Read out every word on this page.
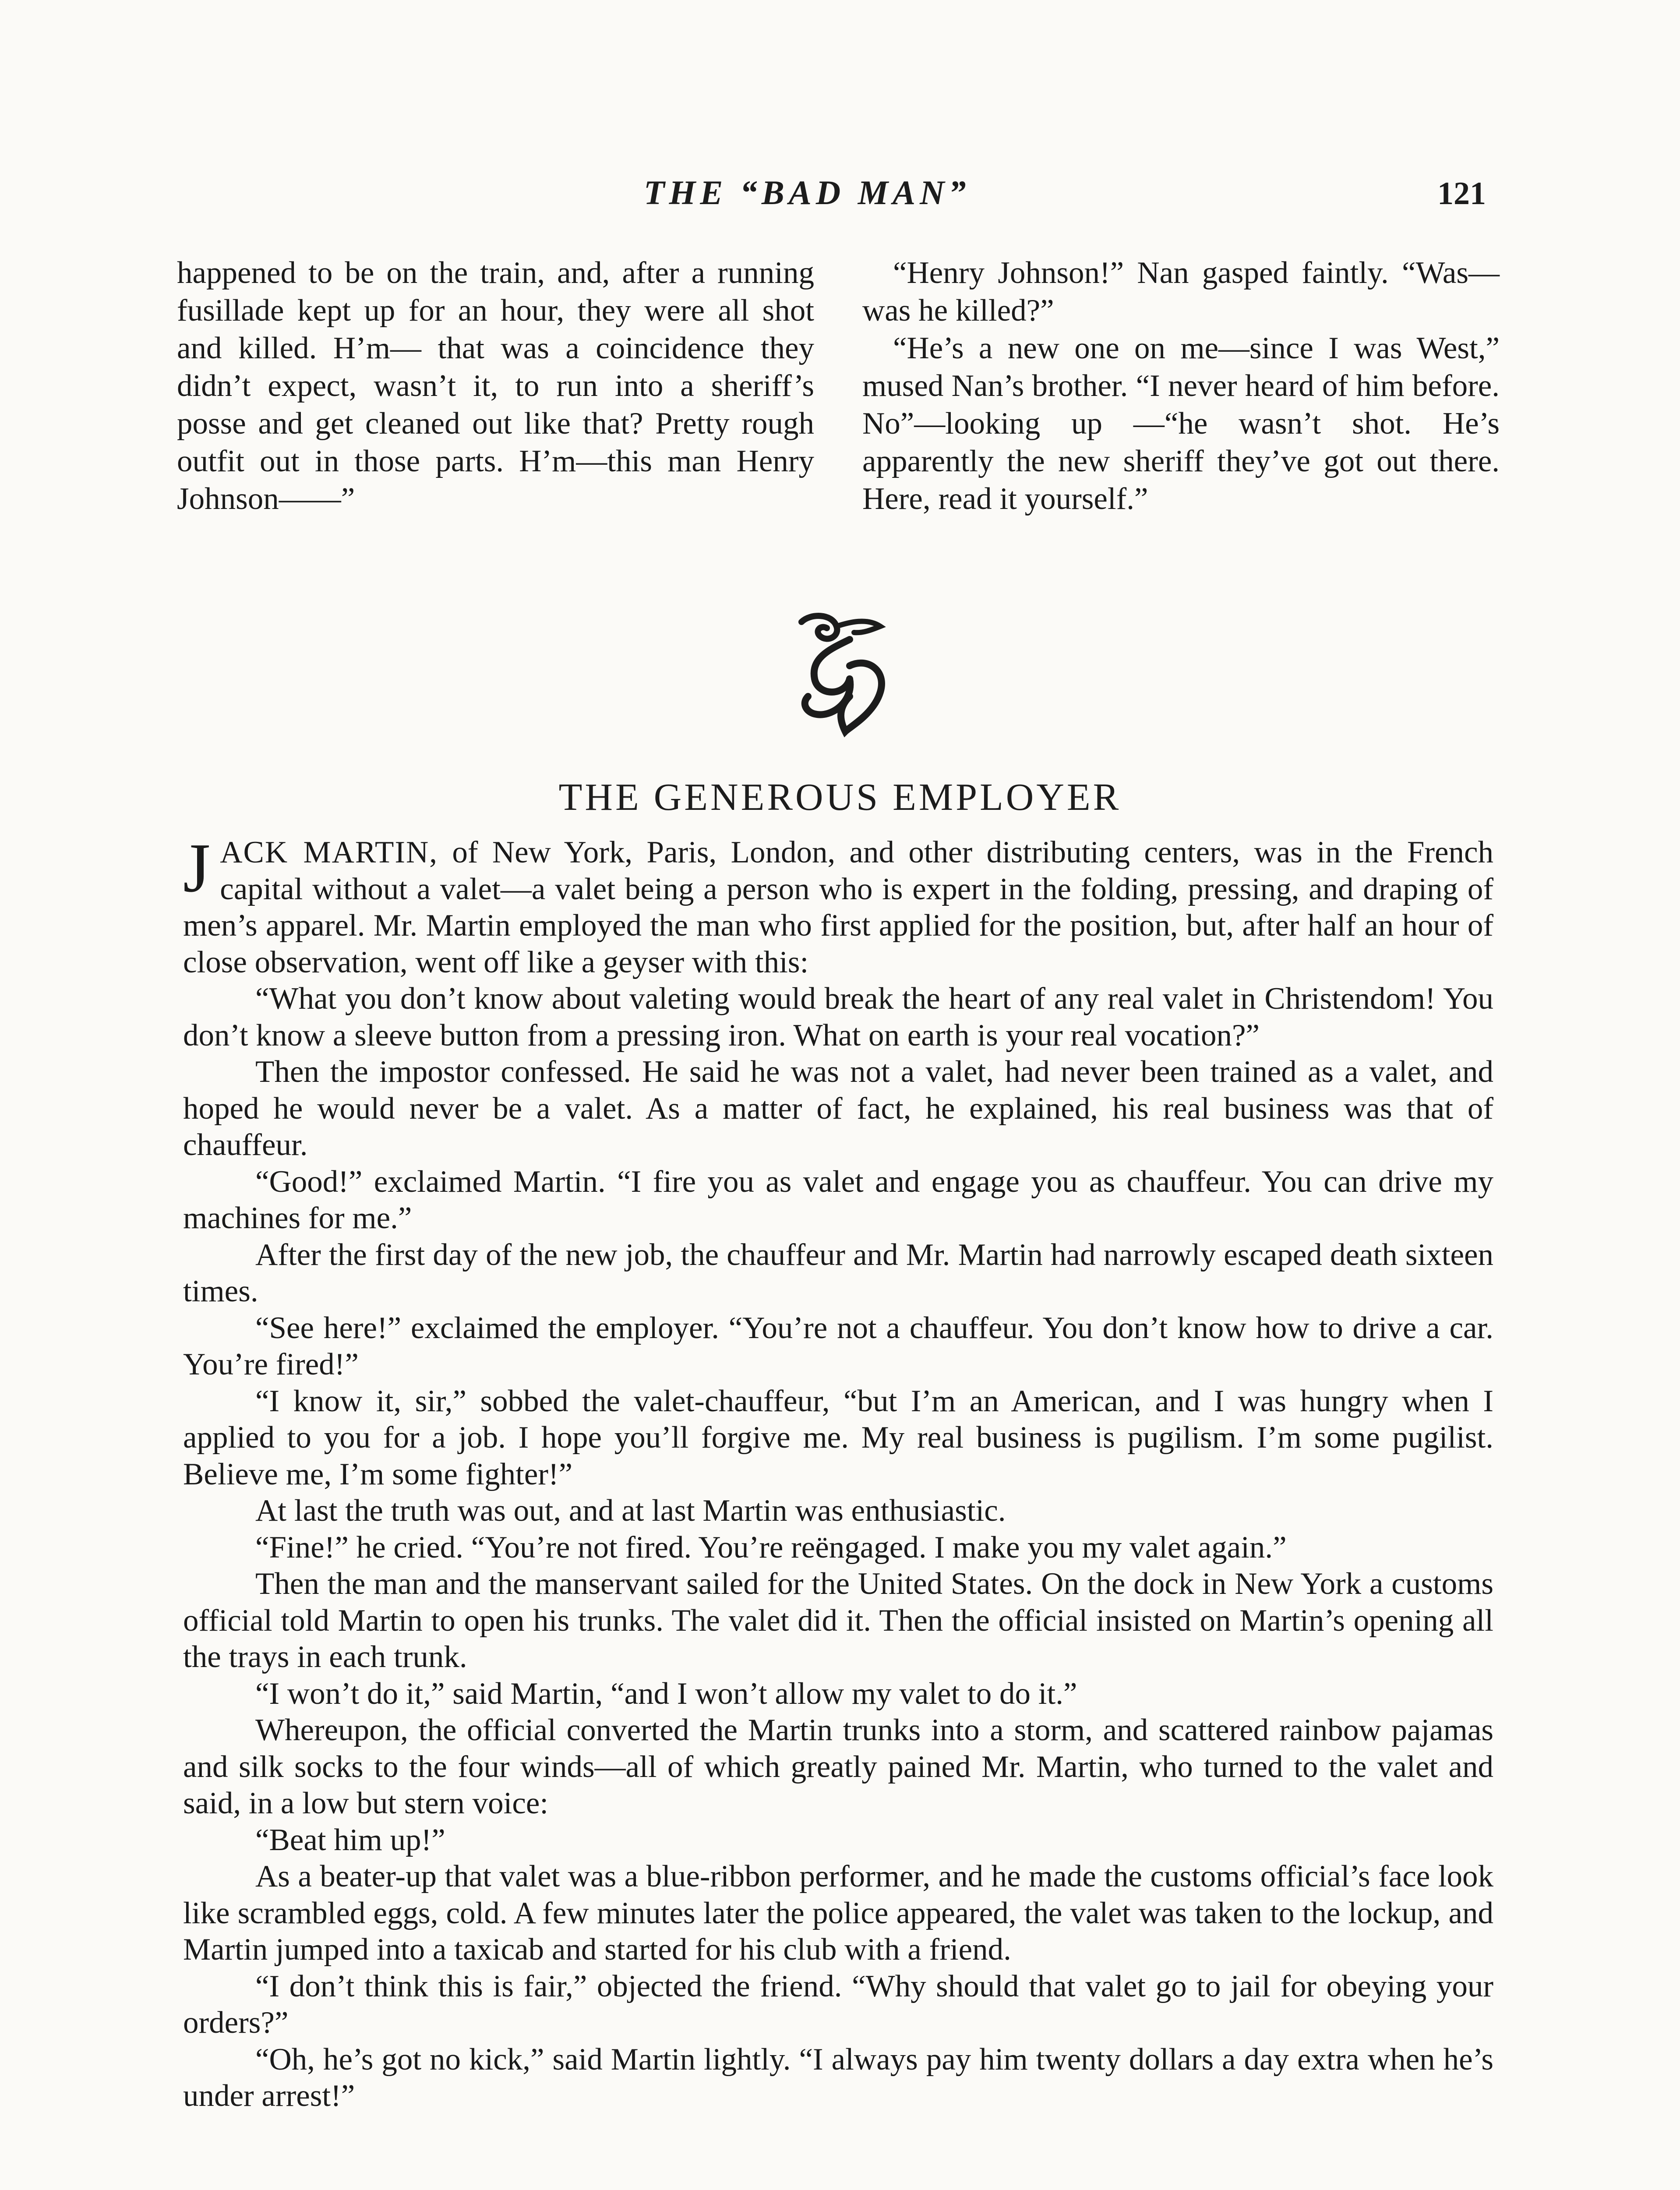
THE “BAD MAN”	121

happened to be on the train, and, after a running fusillade kept up for an hour, they were all shot and killed. H’m— that was a coincidence they didn’t expect, wasn’t it, to run into a sheriff’s posse and get cleaned out like that? Pretty rough outfit out in those parts. H’m—this man Henry Johnson——”

“Henry Johnson!” Nan gasped faintly. “Was—was he killed?”

“He’s a new one on me—since I was West,” mused Nan’s brother. “I never heard of him before. No”—looking up —“he wasn’t shot. He’s apparently the new sheriff they’ve got out there. Here, read it yourself.”

THE GENEROUS EMPLOYER

JACK MARTIN, of New York, Paris, London, and other distributing centers, was in the French capital without a valet—a valet being a person who is expert in the folding, pressing, and draping of men’s apparel. Mr. Martin employed the man who first applied for the position, but, after half an hour of close observation, went off like a geyser with this:

“What you don’t know about valeting would break the heart of any real valet in Christendom! You don’t know a sleeve button from a pressing iron. What on earth is your real vocation?”

Then the impostor confessed. He said he was not a valet, had never been trained as a valet, and hoped he would never be a valet. As a matter of fact, he explained, his real business was that of chauffeur.

“Good!” exclaimed Martin. “I fire you as valet and engage you as chauffeur. You can drive my machines for me.”

After the first day of the new job, the chauffeur and Mr. Martin had narrowly escaped death sixteen times.

“See here!” exclaimed the employer. “You’re not a chauffeur. You don’t know how to drive a car. You’re fired!”

“I know it, sir,” sobbed the valet-chauffeur, “but I’m an American, and I was hungry when I applied to you for a job. I hope you’ll forgive me. My real business is pugilism. I’m some pugilist. Believe me, I’m some fighter!”

At last the truth was out, and at last Martin was enthusiastic.

“Fine!” he cried. “You’re not fired. You’re reëngaged. I make you my valet again.”

Then the man and the manservant sailed for the United States. On the dock in New York a customs official told Martin to open his trunks. The valet did it. Then the official insisted on Martin’s opening all the trays in each trunk.

“I won’t do it,” said Martin, “and I won’t allow my valet to do it.”

Whereupon, the official converted the Martin trunks into a storm, and scattered rainbow pajamas and silk socks to the four winds—all of which greatly pained Mr. Martin, who turned to the valet and said, in a low but stern voice:

“Beat him up!”

As a beater-up that valet was a blue-ribbon performer, and he made the customs official’s face look like scrambled eggs, cold. A few minutes later the police appeared, the valet was taken to the lockup, and Martin jumped into a taxicab and started for his club with a friend.

“I don’t think this is fair,” objected the friend. “Why should that valet go to jail for obeying your orders?”

“Oh, he’s got no kick,” said Martin lightly. “I always pay him twenty dollars a day extra when he’s under arrest!”
